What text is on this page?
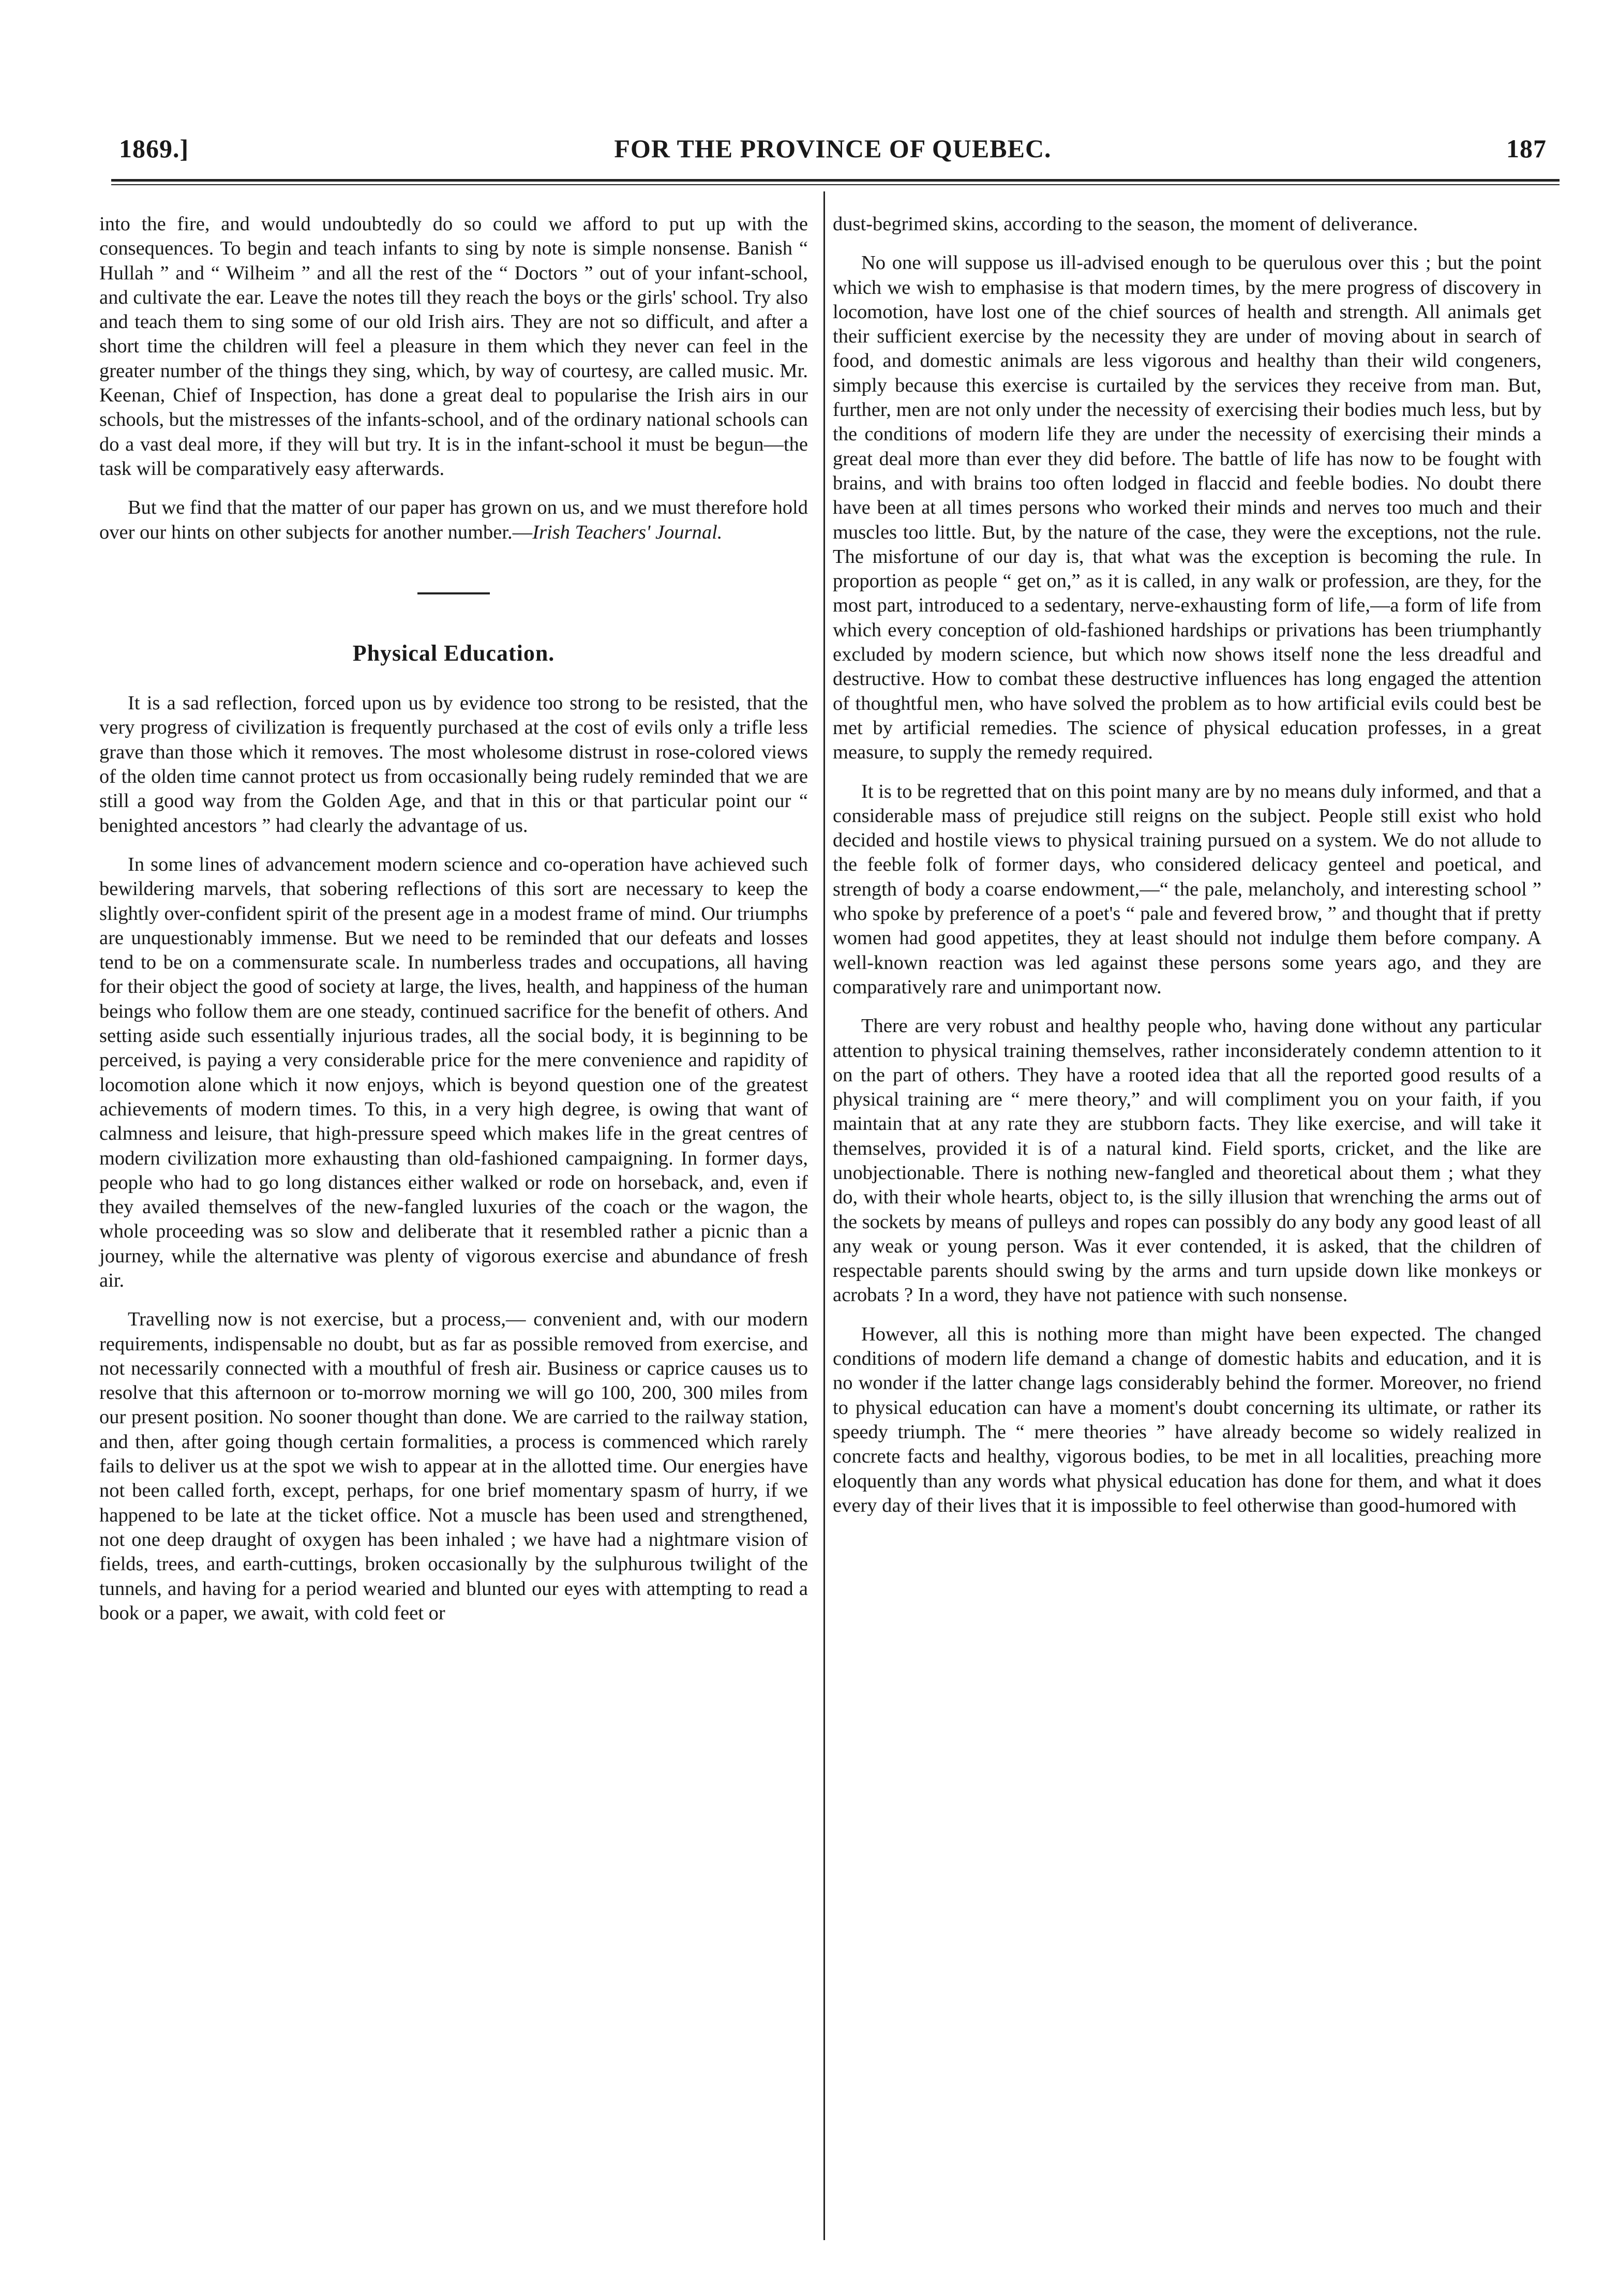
1869.]	FOR THE PROVINCE OF QUEBEC.	187

into the fire, and would undoubtedly do so could we afford to put up with the consequences. To begin and teach infants to sing by note is simple nonsense. Banish “ Hullah ” and “ Wilheim ” and all the rest of the “ Doctors ” out of your infant-school, and cultivate the ear. Leave the notes till they reach the boys or the girls' school. Try also and teach them to sing some of our old Irish airs. They are not so difficult, and after a short time the children will feel a pleasure in them which they never can feel in the greater number of the things they sing, which, by way of courtesy, are called music. Mr. Keenan, Chief of Inspection, has done a great deal to popularise the Irish airs in our schools, but the mistresses of the infants-school, and of the ordinary national schools can do a vast deal more, if they will but try. It is in the infant-school it must be begun—the task will be comparatively easy afterwards.

But we find that the matter of our paper has grown on us, and we must therefore hold over our hints on other subjects for another number.—Irish Teachers' Journal.

Physical Education.

It is a sad reflection, forced upon us by evidence too strong to be resisted, that the very progress of civilization is frequently purchased at the cost of evils only a trifle less grave than those which it removes. The most wholesome distrust in rose-colored views of the olden time cannot protect us from occasionally being rudely reminded that we are still a good way from the Golden Age, and that in this or that particular point our “ benighted ancestors ” had clearly the advantage of us.

In some lines of advancement modern science and co-operation have achieved such bewildering marvels, that sobering reflections of this sort are necessary to keep the slightly over-confident spirit of the present age in a modest frame of mind. Our triumphs are unquestionably immense. But we need to be reminded that our defeats and losses tend to be on a commensurate scale. In numberless trades and occupations, all having for their object the good of society at large, the lives, health, and happiness of the human beings who follow them are one steady, continued sacrifice for the benefit of others. And setting aside such essentially injurious trades, all the social body, it is beginning to be perceived, is paying a very considerable price for the mere convenience and rapidity of locomotion alone which it now enjoys, which is beyond question one of the greatest achievements of modern times. To this, in a very high degree, is owing that want of calmness and leisure, that high-pressure speed which makes life in the great centres of modern civilization more exhausting than old-fashioned campaigning. In former days, people who had to go long distances either walked or rode on horseback, and, even if they availed themselves of the new-fangled luxuries of the coach or the wagon, the whole proceeding was so slow and deliberate that it resembled rather a picnic than a journey, while the alternative was plenty of vigorous exercise and abundance of fresh air.

Travelling now is not exercise, but a process,— convenient and, with our modern requirements, indispensable no doubt, but as far as possible removed from exercise, and not necessarily connected with a mouthful of fresh air. Business or caprice causes us to resolve that this afternoon or to-morrow morning we will go 100, 200, 300 miles from our present position. No sooner thought than done. We are carried to the railway station, and then, after going though certain formalities, a process is commenced which rarely fails to deliver us at the spot we wish to appear at in the allotted time. Our energies have not been called forth, except, perhaps, for one brief momentary spasm of hurry, if we happened to be late at the ticket office. Not a muscle has been used and strengthened, not one deep draught of oxygen has been inhaled ; we have had a nightmare vision of fields, trees, and earth-cuttings, broken occasionally by the sulphurous twilight of the tunnels, and having for a period wearied and blunted our eyes with attempting to read a book or a paper, we await, with cold feet or

dust-begrimed skins, according to the season, the moment of deliverance.

No one will suppose us ill-advised enough to be querulous over this ; but the point which we wish to emphasise is that modern times, by the mere progress of discovery in locomotion, have lost one of the chief sources of health and strength. All animals get their sufficient exercise by the necessity they are under of moving about in search of food, and domestic animals are less vigorous and healthy than their wild congeners, simply because this exercise is curtailed by the services they receive from man. But, further, men are not only under the necessity of exercising their bodies much less, but by the conditions of modern life they are under the necessity of exercising their minds a great deal more than ever they did before. The battle of life has now to be fought with brains, and with brains too often lodged in flaccid and feeble bodies. No doubt there have been at all times persons who worked their minds and nerves too much and their muscles too little. But, by the nature of the case, they were the exceptions, not the rule. The misfortune of our day is, that what was the exception is becoming the rule. In proportion as people “ get on,” as it is called, in any walk or profession, are they, for the most part, introduced to a sedentary, nerve-exhausting form of life,—a form of life from which every conception of old-fashioned hardships or privations has been triumphantly excluded by modern science, but which now shows itself none the less dreadful and destructive. How to combat these destructive influences has long engaged the attention of thoughtful men, who have solved the problem as to how artificial evils could best be met by artificial remedies. The science of physical education professes, in a great measure, to supply the remedy required.

It is to be regretted that on this point many are by no means duly informed, and that a considerable mass of prejudice still reigns on the subject. People still exist who hold decided and hostile views to physical training pursued on a system. We do not allude to the feeble folk of former days, who considered delicacy genteel and poetical, and strength of body a coarse endowment,—“ the pale, melancholy, and interesting school ” who spoke by preference of a poet's “ pale and fevered brow, ” and thought that if pretty women had good appetites, they at least should not indulge them before company. A well-known reaction was led against these persons some years ago, and they are comparatively rare and unimportant now.

There are very robust and healthy people who, having done without any particular attention to physical training themselves, rather inconsiderately condemn attention to it on the part of others. They have a rooted idea that all the reported good results of a physical training are “ mere theory,” and will compliment you on your faith, if you maintain that at any rate they are stubborn facts. They like exercise, and will take it themselves, provided it is of a natural kind. Field sports, cricket, and the like are unobjectionable. There is nothing new-fangled and theoretical about them ; what they do, with their whole hearts, object to, is the silly illusion that wrenching the arms out of the sockets by means of pulleys and ropes can possibly do any body any good least of all any weak or young person. Was it ever contended, it is asked, that the children of respectable parents should swing by the arms and turn upside down like monkeys or acrobats ? In a word, they have not patience with such nonsense.

However, all this is nothing more than might have been expected. The changed conditions of modern life demand a change of domestic habits and education, and it is no wonder if the latter change lags considerably behind the former. Moreover, no friend to physical education can have a moment's doubt concerning its ultimate, or rather its speedy triumph. The “ mere theories ” have already become so widely realized in concrete facts and healthy, vigorous bodies, to be met in all localities, preaching more eloquently than any words what physical education has done for them, and what it does every day of their lives that it is impossible to feel otherwise than good-humored with
